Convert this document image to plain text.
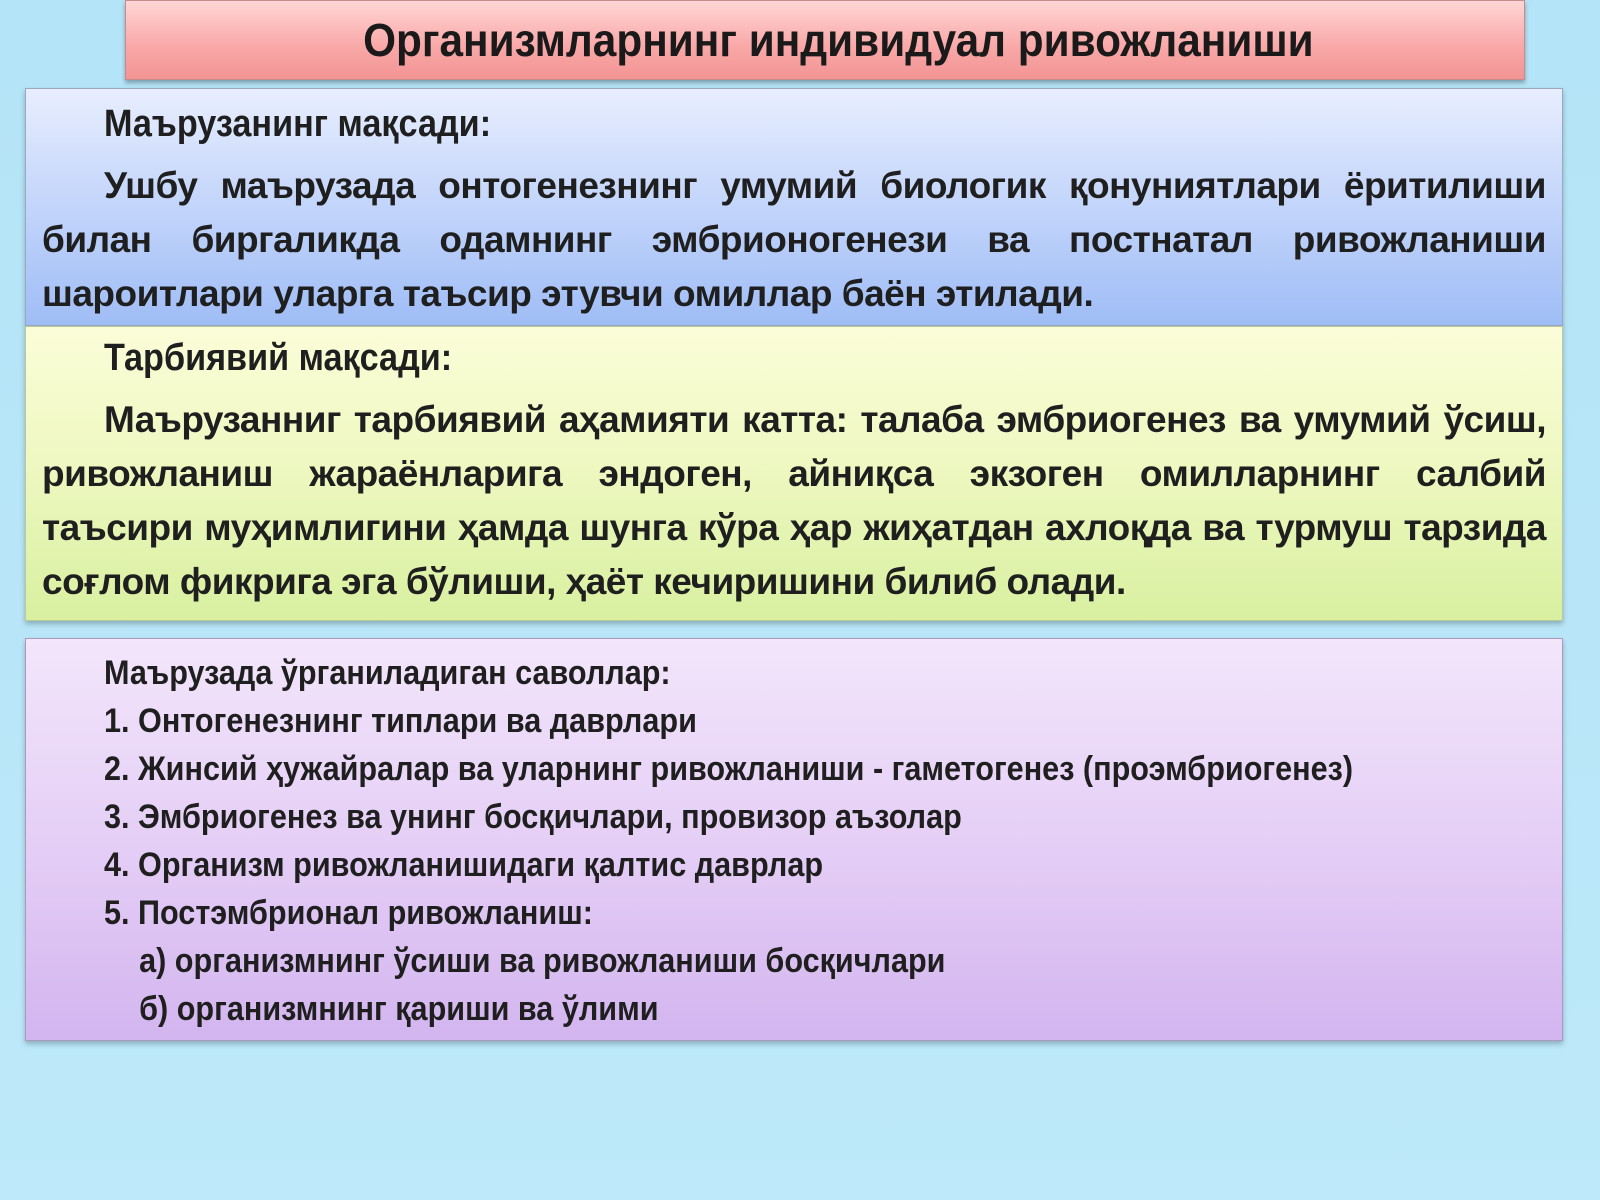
Организмларнинг индивидуал ривожланиши
Маърузанинг мақсади:
Ушбу маърузада онтогенезнинг умумий биологик қонуниятлари ёритилиши билан биргаликда одамнинг эмбрионогенези ва постнатал ривожланиши шароитлари уларга таъсир этувчи омиллар баён этилади.
Тарбиявий мақсади:
Маърузанниг тарбиявий аҳамияти катта: талаба эмбриогенез ва умумий ўсиш, ривожланиш жараёнларига эндоген, айниқса экзоген омилларнинг салбий таъсири муҳимлигини ҳамда шунга кўра ҳар жиҳатдан ахлоқда ва турмуш тарзида соғлом фикрига эга бўлиши, ҳаёт кечиришини билиб олади.
Маърузада ўрганиладиган саволлар:
1. Онтогенезнинг типлари ва даврлари
2. Жинсий ҳужайралар ва уларнинг ривожланиши - гаметогенез (проэмбриогенез)
3. Эмбриогенез ва унинг босқичлари, провизор аъзолар
4. Организм ривожланишидаги қалтис даврлар
5. Постэмбрионал ривожланиш:
а) организмнинг ўсиши ва ривожланиши босқичлари
б) организмнинг қариши ва ўлими
